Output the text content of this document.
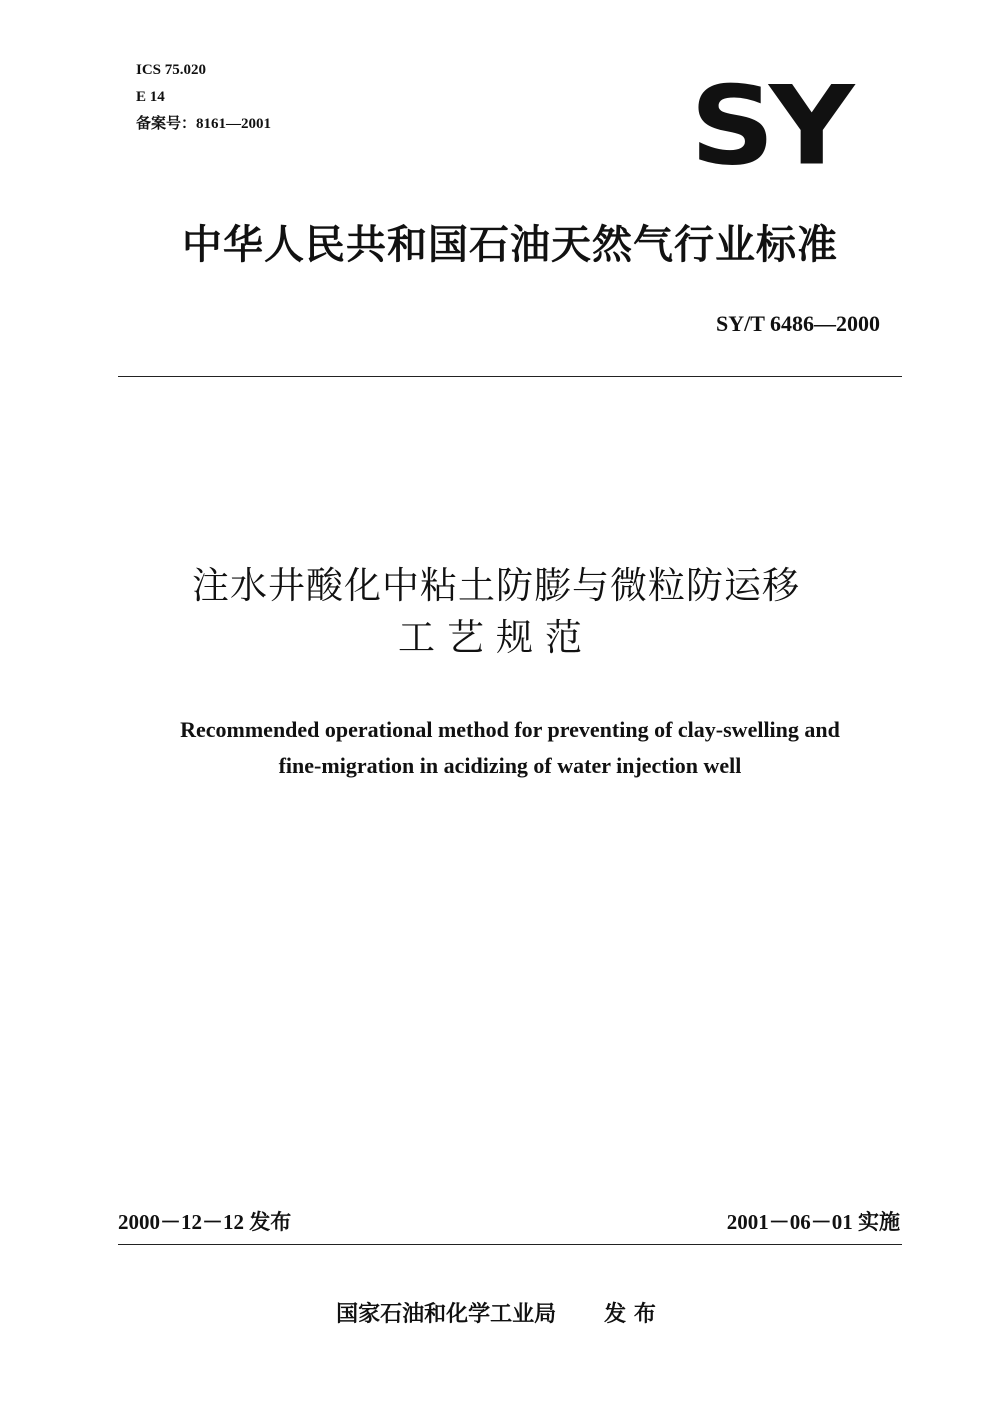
ICS 75.020
E 14
备案号：8161—2001	SY
中华人民共和国石油天然气行业标准
SY/T 6486—2000
注水井酸化中粘土防膨与微粒防运移
工艺规范
Recommended operational method for preventing of clay-swelling and
fine-migration in acidizing of water injection well
2000－12－12 发布	2001－06－01 实施
国家石油和化学工业局 发 布
